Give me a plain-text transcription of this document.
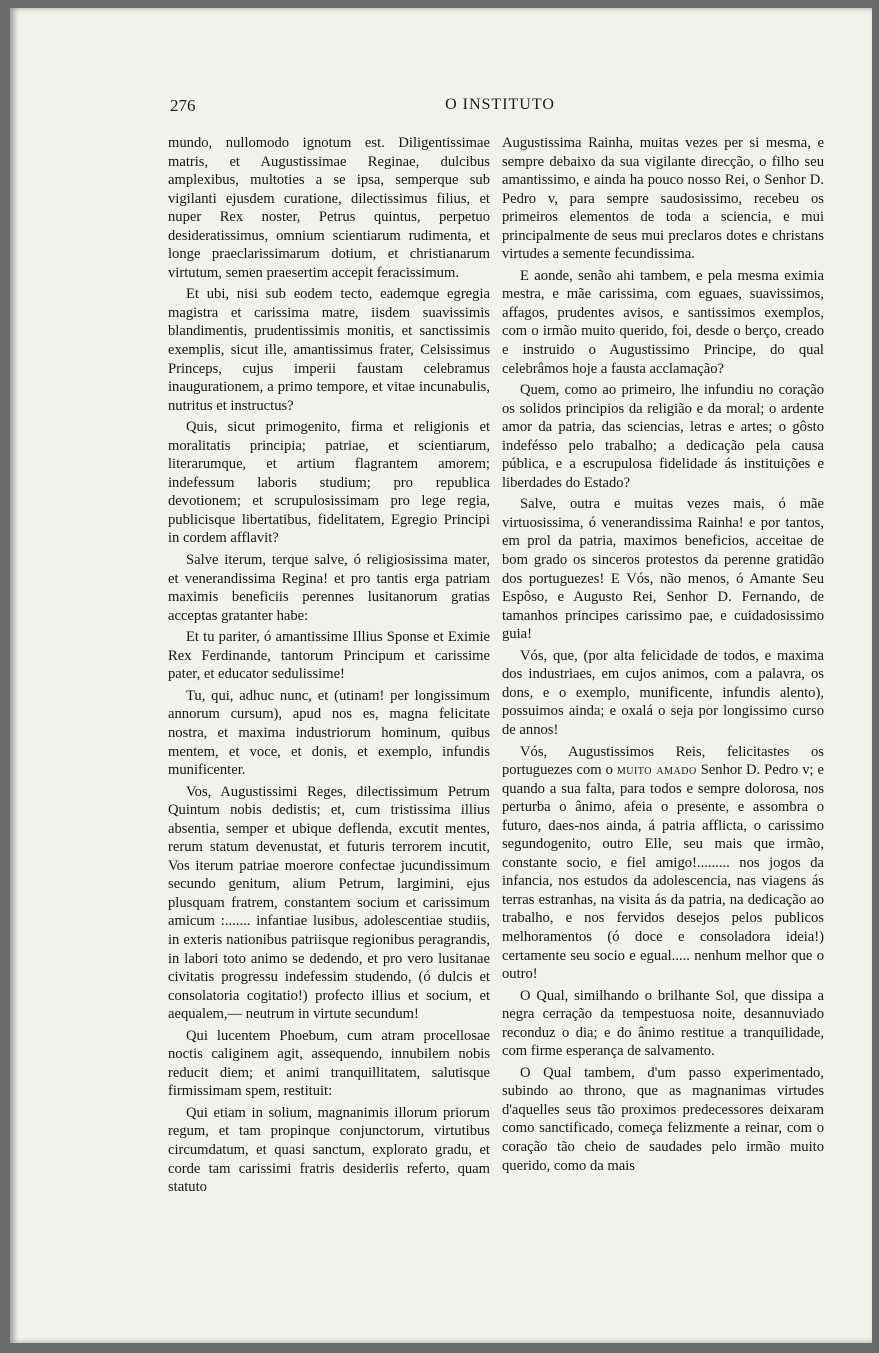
276	O INSTITUTO

mundo, nullomodo ignotum est. Diligentissimae matris, et Augustissimae Reginae, dulcibus amplexibus, multoties a se ipsa, semperque sub vigilanti ejusdem curatione, dilectissimus filius, et nuper Rex noster, Petrus quintus, perpetuo desideratissimus, omnium scientiarum rudimenta, et longe praeclarissimarum dotium, et christianarum virtutum, semen praesertim accepit feracissimum.

Et ubi, nisi sub eodem tecto, eademque egregia magistra et carissima matre, iisdem suavissimis blandimentis, prudentissimis monitis, et sanctissimis exemplis, sicut ille, amantissimus frater, Celsissimus Princeps, cujus imperii faustam celebramus inaugurationem, a primo tempore, et vitae incunabulis, nutritus et instructus?

Quis, sicut primogenito, firma et religionis et moralitatis principia; patriae, et scientiarum, literarumque, et artium flagrantem amorem; indefessum laboris studium; pro republica devotionem; et scrupulosissimam pro lege regia, publicisque libertatibus, fidelitatem, Egregio Principi in cordem afflavit?

Salve iterum, terque salve, ó religiosissima mater, et venerandissima Regina! et pro tantis erga patriam maximis beneficiis perennes lusitanorum gratias acceptas gratanter habe:

Et tu pariter, ó amantissime Illius Sponse et Eximie Rex Ferdinande, tantorum Principum et carissime pater, et educator sedulissime!

Tu, qui, adhuc nunc, et (utinam! per longissimum annorum cursum), apud nos es, magna felicitate nostra, et maxima industriorum hominum, quibus mentem, et voce, et donis, et exemplo, infundis munificenter.

Vos, Augustissimi Reges, dilectissimum Petrum Quintum nobis dedistis; et, cum tristissima illius absentia, semper et ubique deflenda, excutit mentes, rerum statum devenustat, et futuris terrorem incutit, Vos iterum patriae moerore confectae jucundissimum secundo genitum, alium Petrum, largimini, ejus plusquam fratrem, constantem socium et carissimum amicum :....... infantiae lusibus, adolescentiae studiis, in exteris nationibus patriisque regionibus peragrandis, in labori toto animo se dedendo, et pro vero lusitanae civitatis progressu indefessim studendo, (ó dulcis et consolatoria cogitatio!) profecto illius et socium, et aequalem,— neutrum in virtute secundum!

Qui lucentem Phoebum, cum atram procellosae noctis caliginem agit, assequendo, innubilem nobis reducit diem; et animi tranquillitatem, salutisque firmissimam spem, restituit:

Qui etiam in solium, magnanimis illorum priorum regum, et tam propinque conjunctorum, virtutibus circumdatum, et quasi sanctum, explorato gradu, et corde tam carissimi fratris desideriis referto, quam statuto

Augustissima Rainha, muitas vezes per si mesma, e sempre debaixo da sua vigilante direcção, o filho seu amantissimo, e ainda ha pouco nosso Rei, o Senhor D. Pedro v, para sempre saudosissimo, recebeu os primeiros elementos de toda a sciencia, e mui principalmente de seus mui preclaros dotes e christans virtudes a semente fecundissima.

E aonde, senão ahi tambem, e pela mesma eximia mestra, e mãe carissima, com eguaes, suavissimos, affagos, prudentes avisos, e santissimos exemplos, com o irmão muito querido, foi, desde o berço, creado e instruido o Augustissimo Principe, do qual celebrâmos hoje a fausta acclamação?

Quem, como ao primeiro, lhe infundiu no coração os solidos principios da religião e da moral; o ardente amor da patria, das sciencias, letras e artes; o gôsto indefésso pelo trabalho; a dedicação pela causa pública, e a escrupulosa fidelidade ás instituições e liberdades do Estado?

Salve, outra e muitas vezes mais, ó mãe virtuosissima, ó venerandissima Rainha! e por tantos, em prol da patria, maximos beneficios, acceitae de bom grado os sinceros protestos da perenne gratidão dos portuguezes! E Vós, não menos, ó Amante Seu Espôso, e Augusto Rei, Senhor D. Fernando, de tamanhos principes carissimo pae, e cuidadosissimo guia!

Vós, que, (por alta felicidade de todos, e maxima dos industriaes, em cujos animos, com a palavra, os dons, e o exemplo, munificente, infundis alento), possuimos ainda; e oxalá o seja por longissimo curso de annos!

Vós, Augustissimos Reis, felicitastes os portuguezes com o muito amado Senhor D. Pedro v; e quando a sua falta, para todos e sempre dolorosa, nos perturba o ânimo, afeia o presente, e assombra o futuro, daes-nos ainda, á patria afflicta, o carissimo segundogenito, outro Elle, seu mais que irmão, constante socio, e fiel amigo!......... nos jogos da infancia, nos estudos da adolescencia, nas viagens ás terras estranhas, na visita ás da patria, na dedicação ao trabalho, e nos fervidos desejos pelos publicos melhoramentos (ó doce e consoladora ideia!) certamente seu socio e egual..... nenhum melhor que o outro!

O Qual, similhando o brilhante Sol, que dissipa a negra cerração da tempestuosa noite, desannuviado reconduz o dia; e do ânimo restitue a tranquilidade, com firme esperança de salvamento.

O Qual tambem, d'um passo experimentado, subindo ao throno, que as magnanimas virtudes d'aquelles seus tão proximos predecessores deixaram como sanctificado, começa felizmente a reinar, com o coração tão cheio de saudades pelo irmão muito querido, como da mais
